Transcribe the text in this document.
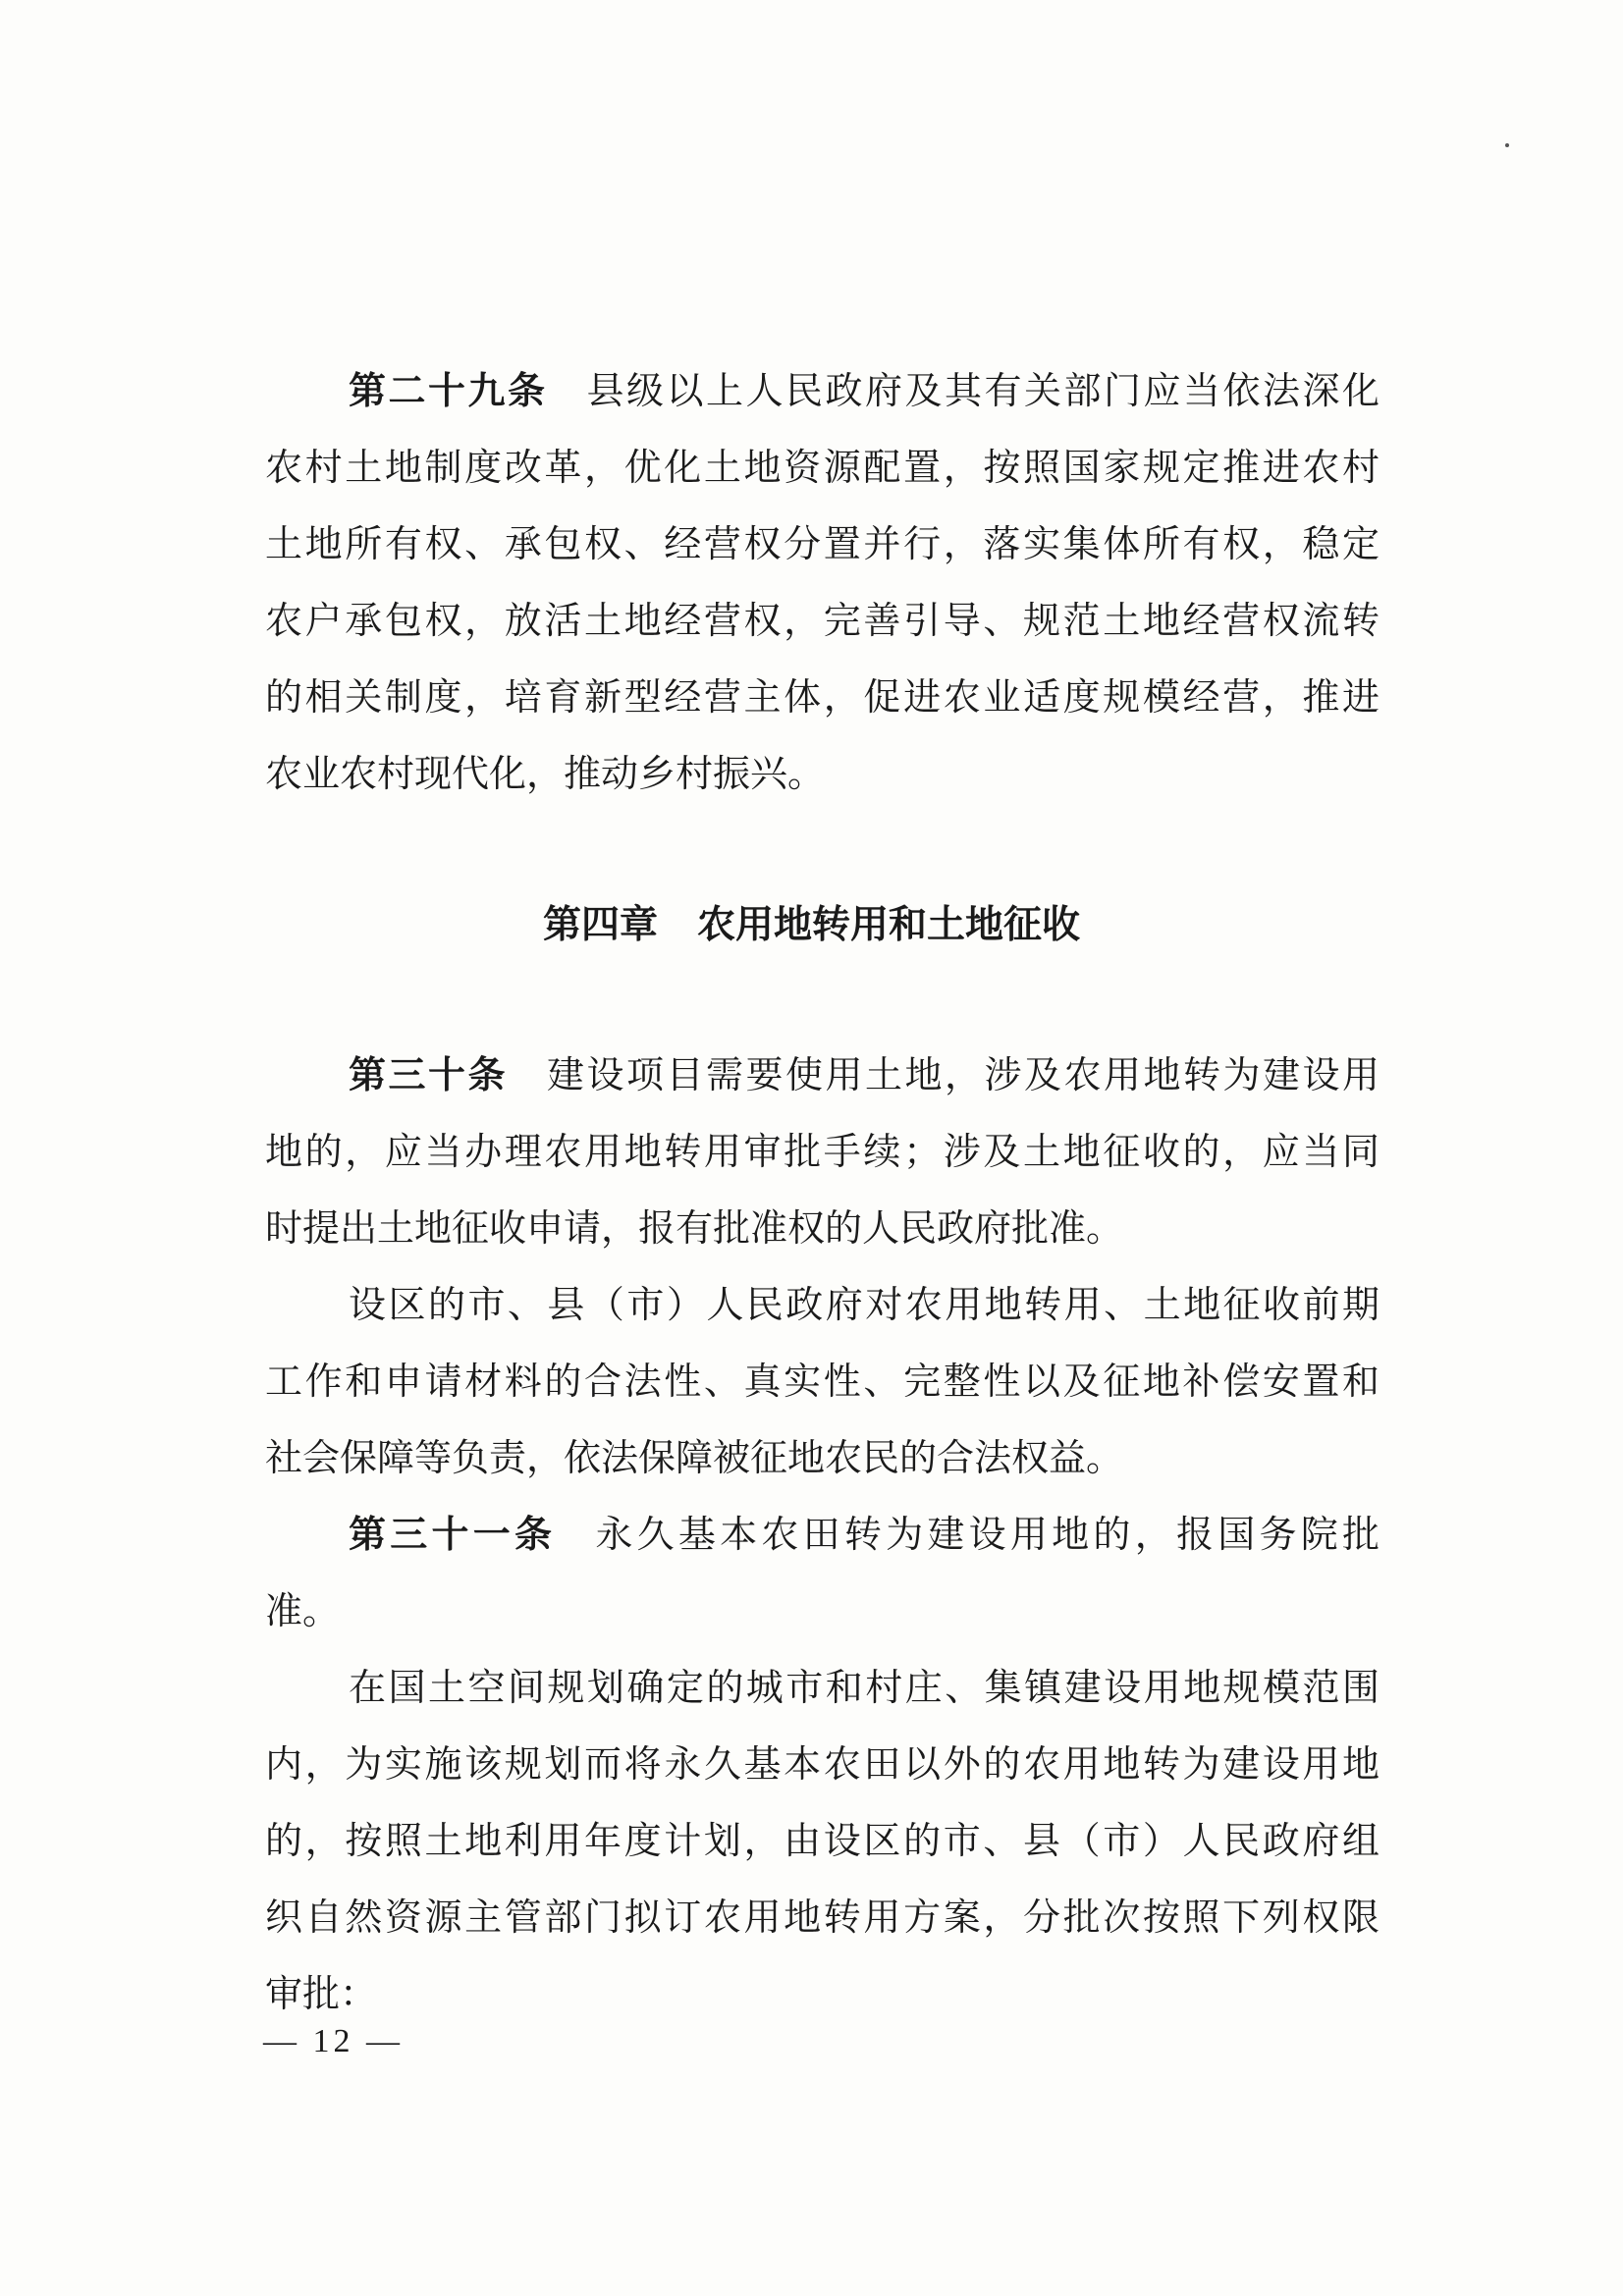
第二十九条 县级以上人民政府及其有关部门应当依法深化
农村土地制度改革，优化土地资源配置，按照国家规定推进农村
土地所有权、承包权、经营权分置并行，落实集体所有权，稳定
农户承包权，放活土地经营权，完善引导、规范土地经营权流转
的相关制度，培育新型经营主体，促进农业适度规模经营，推进
农业农村现代化，推动乡村振兴。
第四章 农用地转用和土地征收
第三十条 建设项目需要使用土地，涉及农用地转为建设用
地的，应当办理农用地转用审批手续；涉及土地征收的，应当同
时提出土地征收申请，报有批准权的人民政府批准。
设区的市、县（市）人民政府对农用地转用、土地征收前期
工作和申请材料的合法性、真实性、完整性以及征地补偿安置和
社会保障等负责，依法保障被征地农民的合法权益。
第三十一条 永久基本农田转为建设用地的，报国务院批
准。
在国土空间规划确定的城市和村庄、集镇建设用地规模范围
内，为实施该规划而将永久基本农田以外的农用地转为建设用地
的，按照土地利用年度计划，由设区的市、县（市）人民政府组
织自然资源主管部门拟订农用地转用方案，分批次按照下列权限
审批：
— 12 —
